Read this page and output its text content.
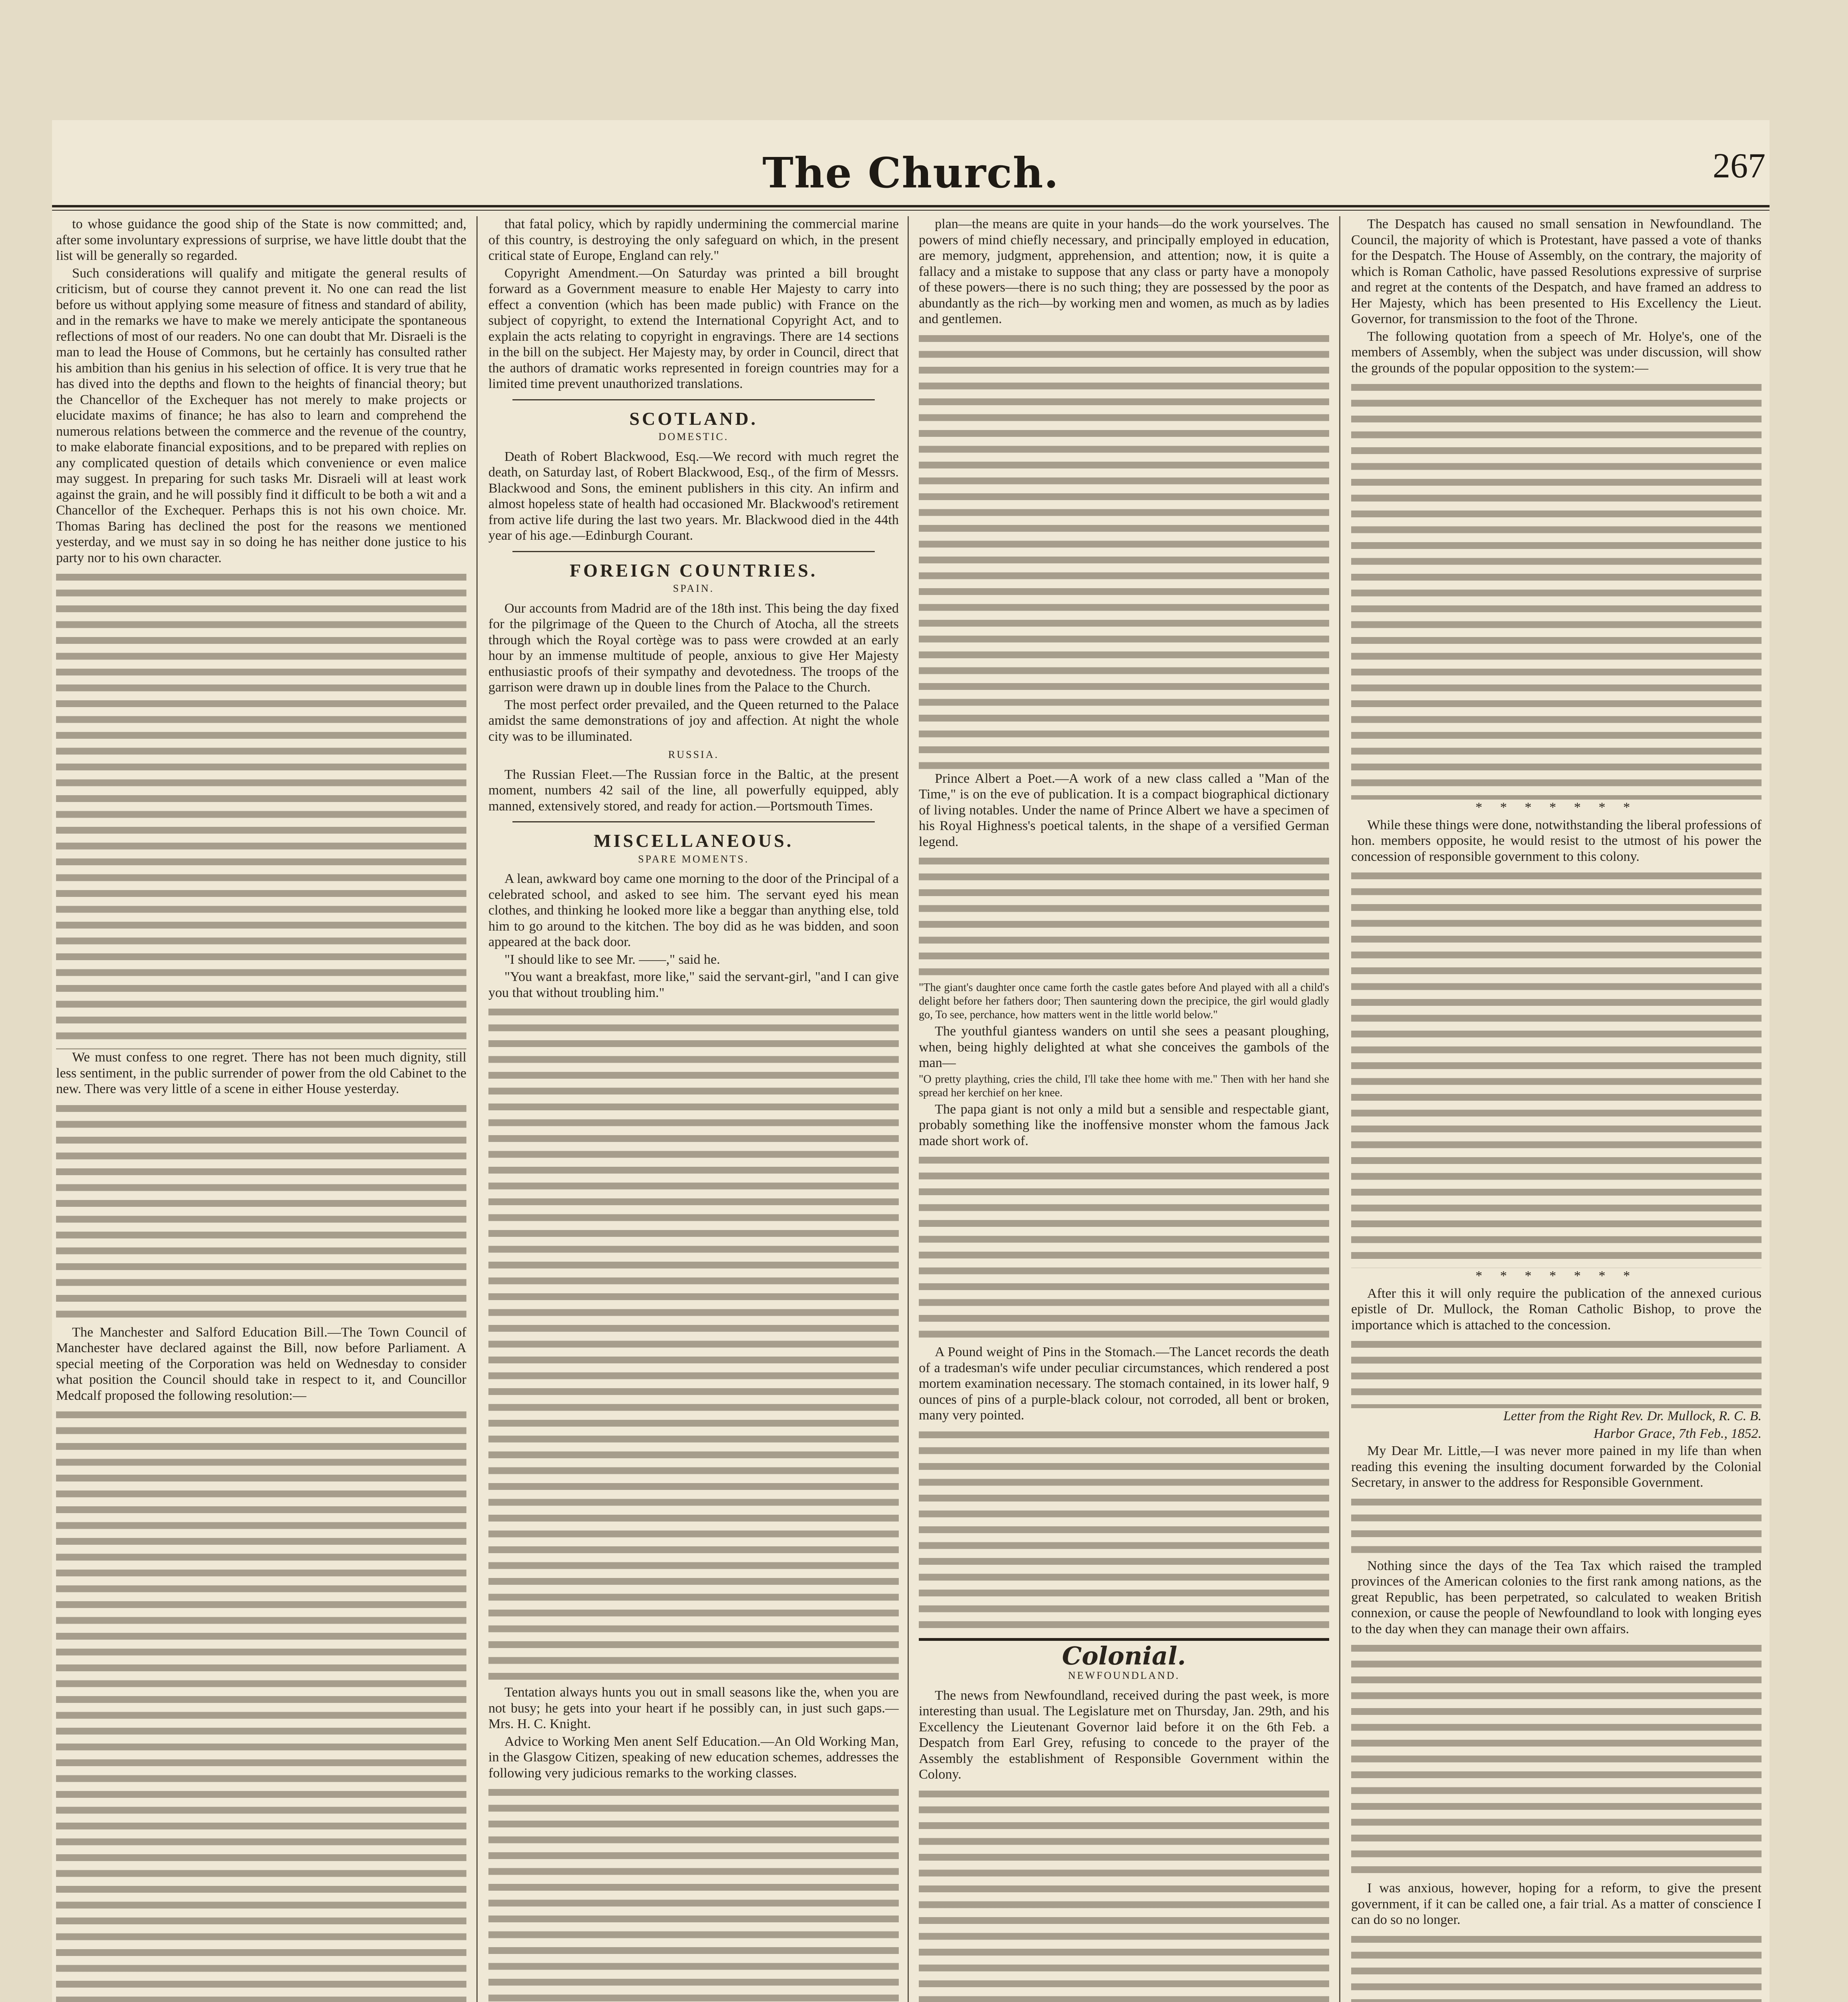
The Church.	267

to whose guidance the good ship of the State is now committed; and, after some involuntary expressions of surprise, we have little doubt that the list will be generally so regarded.

Such considerations will qualify and mitigate the general results of criticism, but of course they cannot prevent it. No one can read the list before us without applying some measure of fitness and standard of ability, and in the remarks we have to make we merely anticipate the spontaneous reflections of most of our readers. No one can doubt that Mr. Disraeli is the man to lead the House of Commons, but he certainly has consulted rather his ambition than his genius in his selection of office. It is very true that he has dived into the depths and flown to the heights of financial theory; but the Chancellor of the Exchequer has not merely to make projects or elucidate maxims of finance; he has also to learn and comprehend the numerous relations between the commerce and the revenue of the country, to make elaborate financial expositions, and to be prepared with replies on any complicated question of details which convenience or even malice may suggest. In preparing for such tasks Mr. Disraeli will at least work against the grain, and he will possibly find it difficult to be both a wit and a Chancellor of the Exchequer. Perhaps this is not his own choice. Mr. Thomas Baring has declined the post for the reasons we mentioned yesterday, and we must say in so doing he has neither done justice to his party nor to his own character.

We must confess to one regret. There has not been much dignity, still less sentiment, in the public surrender of power from the old Cabinet to the new. There was very little of a scene in either House yesterday.

The Manchester and Salford Education Bill.—The Town Council of Manchester have declared against the Bill, now before Parliament. A special meeting of the Corporation was held on Wednesday to consider what position the Council should take in respect to it, and Councillor Medcalf proposed the following resolution:—

that fatal policy, which by rapidly undermining the commercial marine of this country, is destroying the only safeguard on which, in the present critical state of Europe, England can rely."

Copyright Amendment.—On Saturday was printed a bill brought forward as a Government measure to enable Her Majesty to carry into effect a convention (which has been made public) with France on the subject of copyright, to extend the International Copyright Act, and to explain the acts relating to copyright in engravings. There are 14 sections in the bill on the subject. Her Majesty may, by order in Council, direct that the authors of dramatic works represented in foreign countries may for a limited time prevent unauthorized translations.

SCOTLAND.
DOMESTIC.

Death of Robert Blackwood, Esq.—We record with much regret the death, on Saturday last, of Robert Blackwood, Esq., of the firm of Messrs. Blackwood and Sons, the eminent publishers in this city. An infirm and almost hopeless state of health had occasioned Mr. Blackwood's retirement from active life during the last two years. Mr. Blackwood died in the 44th year of his age.—Edinburgh Courant.

FOREIGN COUNTRIES.
SPAIN.

Our accounts from Madrid are of the 18th inst. This being the day fixed for the pilgrimage of the Queen to the Church of Atocha, all the streets through which the Royal cortège was to pass were crowded at an early hour by an immense multitude of people, anxious to give Her Majesty enthusiastic proofs of their sympathy and devotedness. The troops of the garrison were drawn up in double lines from the Palace to the Church.

The most perfect order prevailed, and the Queen returned to the Palace amidst the same demonstrations of joy and affection. At night the whole city was to be illuminated.

RUSSIA.

The Russian Fleet.—The Russian force in the Baltic, at the present moment, numbers 42 sail of the line, all powerfully equipped, ably manned, extensively stored, and ready for action.—Portsmouth Times.

MISCELLANEOUS.
SPARE MOMENTS.

A lean, awkward boy came one morning to the door of the Principal of a celebrated school, and asked to see him. The servant eyed his mean clothes, and thinking he looked more like a beggar than anything else, told him to go around to the kitchen. The boy did as he was bidden, and soon appeared at the back door.

"I should like to see Mr. ——," said he.

"You want a breakfast, more like," said the servant-girl, "and I can give you that without troubling him."

Tentation always hunts you out in small seasons like the, when you are not busy; he gets into your heart if he possibly can, in just such gaps.—Mrs. H. C. Knight.

Advice to Working Men anent Self Education.—An Old Working Man, in the Glasgow Citizen, speaking of new education schemes, addresses the following very judicious remarks to the working classes.

plan—the means are quite in your hands—do the work yourselves. The powers of mind chiefly necessary, and principally employed in education, are memory, judgment, apprehension, and attention; now, it is quite a fallacy and a mistake to suppose that any class or party have a monopoly of these powers—there is no such thing; they are possessed by the poor as abundantly as the rich—by working men and women, as much as by ladies and gentlemen.

Prince Albert a Poet.—A work of a new class called a "Man of the Time," is on the eve of publication. It is a compact biographical dictionary of living notables. Under the name of Prince Albert we have a specimen of his Royal Highness's poetical talents, in the shape of a versified German legend.

"The giant's daughter once came forth the castle gates before And played with all a child's delight before her fathers door; Then sauntering down the precipice, the girl would gladly go, To see, perchance, how matters went in the little world below."

The youthful giantess wanders on until she sees a peasant ploughing, when, being highly delighted at what she conceives the gambols of the man—

"O pretty plaything, cries the child, I'll take thee home with me." Then with her hand she spread her kerchief on her knee.

The papa giant is not only a mild but a sensible and respectable giant, probably something like the inoffensive monster whom the famous Jack made short work of.

A Pound weight of Pins in the Stomach.—The Lancet records the death of a tradesman's wife under peculiar circumstances, which rendered a post mortem examination necessary. The stomach contained, in its lower half, 9 ounces of pins of a purple-black colour, not corroded, all bent or broken, many very pointed.

Colonial.
NEWFOUNDLAND.

The news from Newfoundland, received during the past week, is more interesting than usual. The Legislature met on Thursday, Jan. 29th, and his Excellency the Lieutenant Governor laid before it on the 6th Feb. a Despatch from Earl Grey, refusing to concede to the prayer of the Assembly the establishment of Responsible Government within the Colony.

The Despatch has caused no small sensation in Newfoundland. The Council, the majority of which is Protestant, have passed a vote of thanks for the Despatch. The House of Assembly, on the contrary, the majority of which is Roman Catholic, have passed Resolutions expressive of surprise and regret at the contents of the Despatch, and have framed an address to Her Majesty, which has been presented to His Excellency the Lieut. Governor, for transmission to the foot of the Throne.

The following quotation from a speech of Mr. Holye's, one of the members of Assembly, when the subject was under discussion, will show the grounds of the popular opposition to the system:—

* * * * * * *

While these things were done, notwithstanding the liberal professions of hon. members opposite, he would resist to the utmost of his power the concession of responsible government to this colony.

* * * * * * *

After this it will only require the publication of the annexed curious epistle of Dr. Mullock, the Roman Catholic Bishop, to prove the importance which is attached to the concession.

Letter from the Right Rev. Dr. Mullock, R. C. B.

Harbor Grace, 7th Feb., 1852.

My Dear Mr. Little,—I was never more pained in my life than when reading this evening the insulting document forwarded by the Colonial Secretary, in answer to the address for Responsible Government.

Nothing since the days of the Tea Tax which raised the trampled provinces of the American colonies to the first rank among nations, as the great Republic, has been perpetrated, so calculated to weaken British connexion, or cause the people of Newfoundland to look with longing eyes to the day when they can manage their own affairs.

I was anxious, however, hoping for a reform, to give the present government, if it can be called one, a fair trial. As a matter of conscience I can do so no longer.
